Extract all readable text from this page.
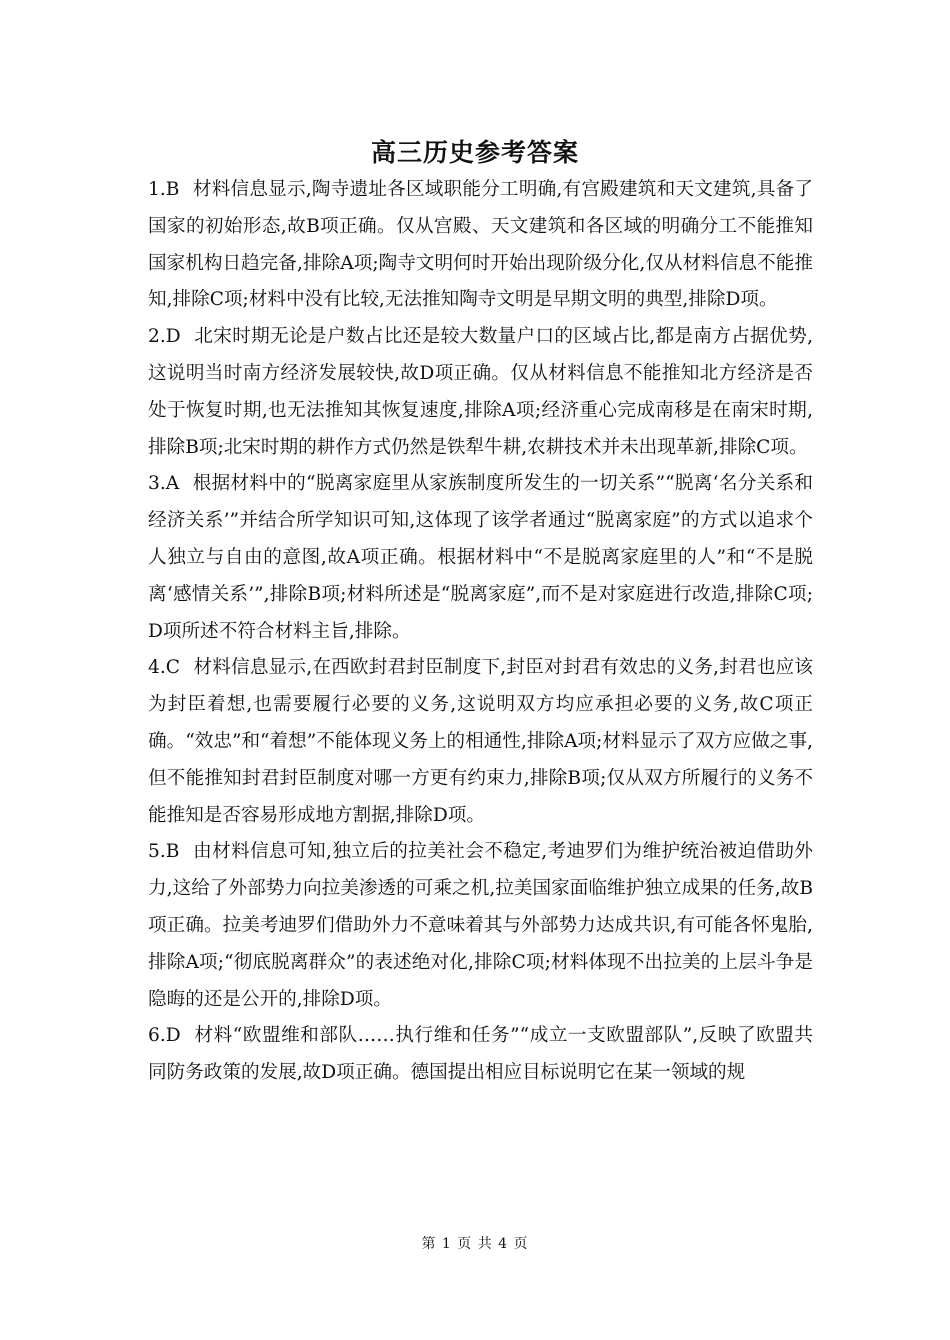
高三历史参考答案

1.B  材料信息显示,陶寺遗址各区域职能分工明确,有宫殿建筑和天文建筑,具备了国家的初始形态,故B项正确。仅从宫殿、天文建筑和各区域的明确分工不能推知国家机构日趋完备,排除A项;陶寺文明何时开始出现阶级分化,仅从材料信息不能推知,排除C项;材料中没有比较,无法推知陶寺文明是早期文明的典型,排除D项。

2.D  北宋时期无论是户数占比还是较大数量户口的区域占比,都是南方占据优势,这说明当时南方经济发展较快,故D项正确。仅从材料信息不能推知北方经济是否处于恢复时期,也无法推知其恢复速度,排除A项;经济重心完成南移是在南宋时期,排除B项;北宋时期的耕作方式仍然是铁犁牛耕,农耕技术并未出现革新,排除C项。

3.A  根据材料中的“脱离家庭里从家族制度所发生的一切关系”“脱离‘名分关系和经济关系’”并结合所学知识可知,这体现了该学者通过“脱离家庭”的方式以追求个人独立与自由的意图,故A项正确。根据材料中“不是脱离家庭里的人”和“不是脱离‘感情关系’”,排除B项;材料所述是“脱离家庭”,而不是对家庭进行改造,排除C项;D项所述不符合材料主旨,排除。

4.C  材料信息显示,在西欧封君封臣制度下,封臣对封君有效忠的义务,封君也应该为封臣着想,也需要履行必要的义务,这说明双方均应承担必要的义务,故C项正确。“效忠”和“着想”不能体现义务上的相通性,排除A项;材料显示了双方应做之事,但不能推知封君封臣制度对哪一方更有约束力,排除B项;仅从双方所履行的义务不能推知是否容易形成地方割据,排除D项。

5.B  由材料信息可知,独立后的拉美社会不稳定,考迪罗们为维护统治被迫借助外力,这给了外部势力向拉美渗透的可乘之机,拉美国家面临维护独立成果的任务,故B项正确。拉美考迪罗们借助外力不意味着其与外部势力达成共识,有可能各怀鬼胎,排除A项;“彻底脱离群众”的表述绝对化,排除C项;材料体现不出拉美的上层斗争是隐晦的还是公开的,排除D项。

6.D  材料“欧盟维和部队……执行维和任务”“成立一支欧盟部队”,反映了欧盟共同防务政策的发展,故D项正确。德国提出相应目标说明它在某一领域的规

第 1 页 共 4 页
